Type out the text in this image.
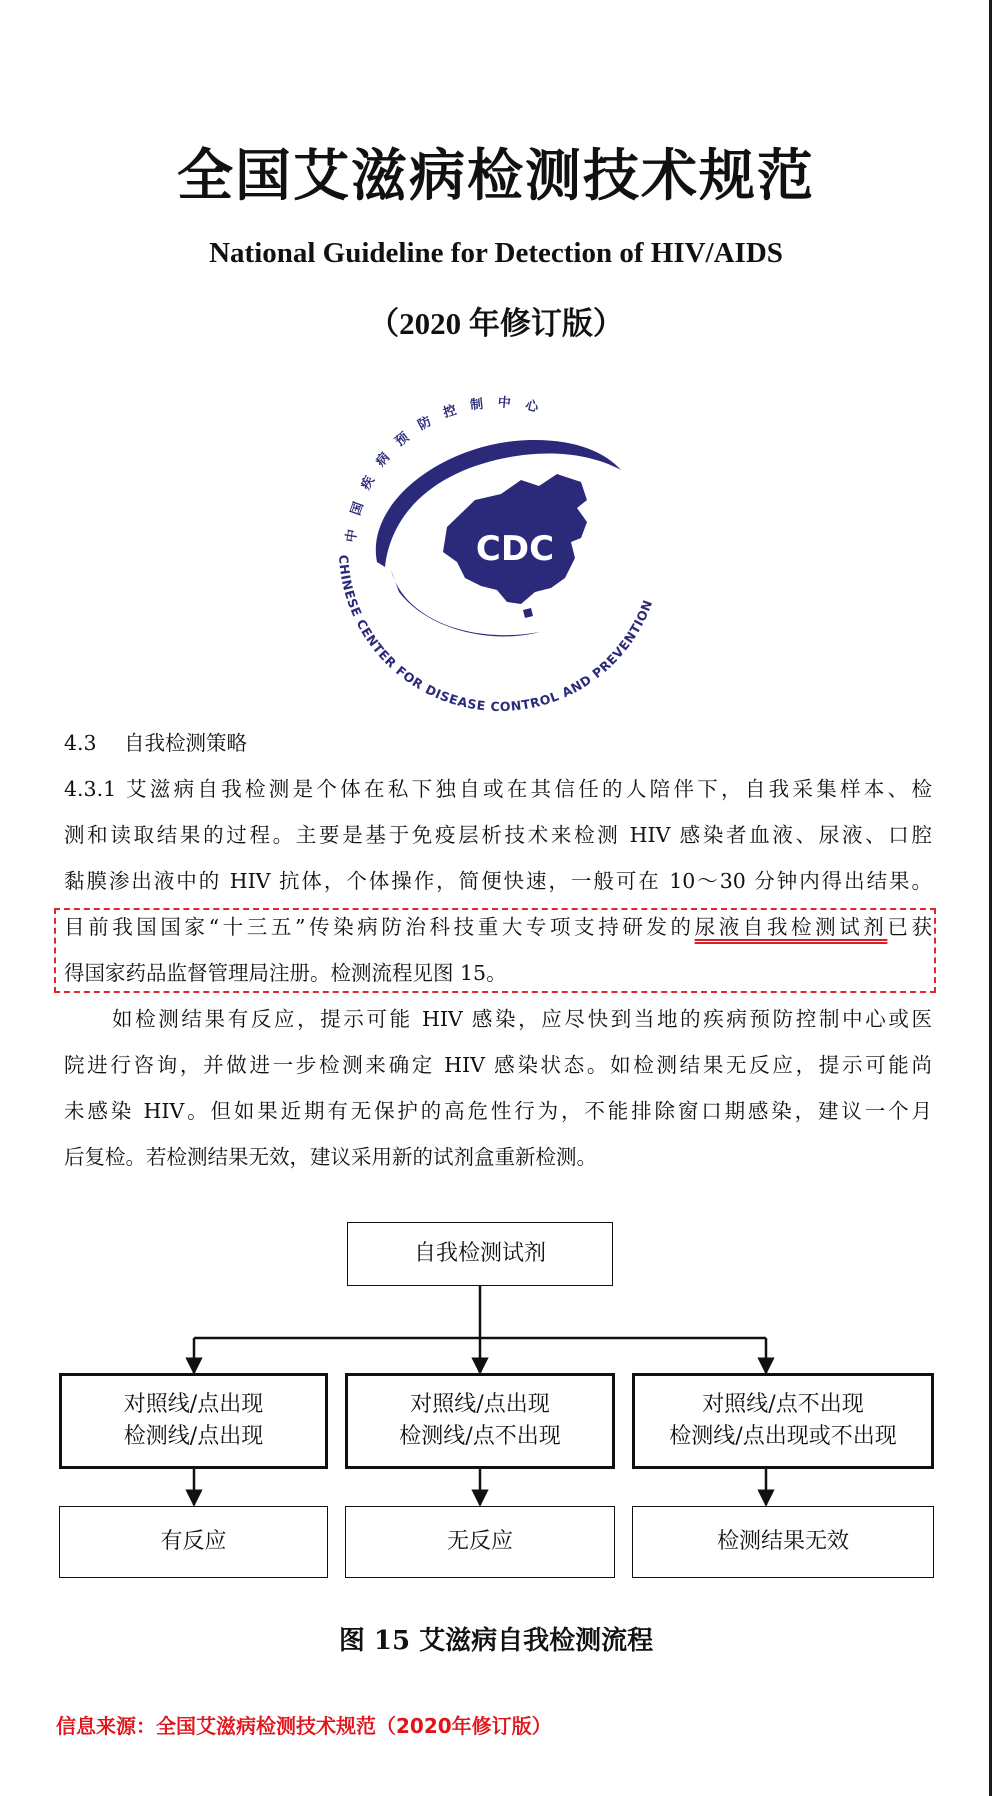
全国艾滋病检测技术规范
National Guideline for Detection of HIV/AIDS
（2020 年修订版）
CDC
中国疾病预防控制中心
CHINESE CENTER FOR DISEASE CONTROL AND PREVENTION
4.3 自我检测策略
4.3.1 艾滋病自我检测是个体在私下独自或在其信任的人陪伴下，自我采集样本、检
测和读取结果的过程。主要是基于免疫层析技术来检测 HIV 感染者血液、尿液、口腔
黏膜渗出液中的 HIV 抗体，个体操作，简便快速，一般可在 10～30 分钟内得出结果。
目前我国国家“十三五”传染病防治科技重大专项支持研发的尿液自我检测试剂已获
得国家药品监督管理局注册。检测流程见图 15。
如检测结果有反应，提示可能 HIV 感染，应尽快到当地的疾病预防控制中心或医
院进行咨询，并做进一步检测来确定 HIV 感染状态。如检测结果无反应，提示可能尚
未感染 HIV。但如果近期有无保护的高危性行为，不能排除窗口期感染，建议一个月
后复检。若检测结果无效，建议采用新的试剂盒重新检测。
自我检测试剂
对照线/点出现
检测线/点出现
对照线/点出现
检测线/点不出现
对照线/点不出现
检测线/点出现或不出现
有反应	无反应	检测结果无效
图 15 艾滋病自我检测流程
信息来源：全国艾滋病检测技术规范（2020年修订版）
